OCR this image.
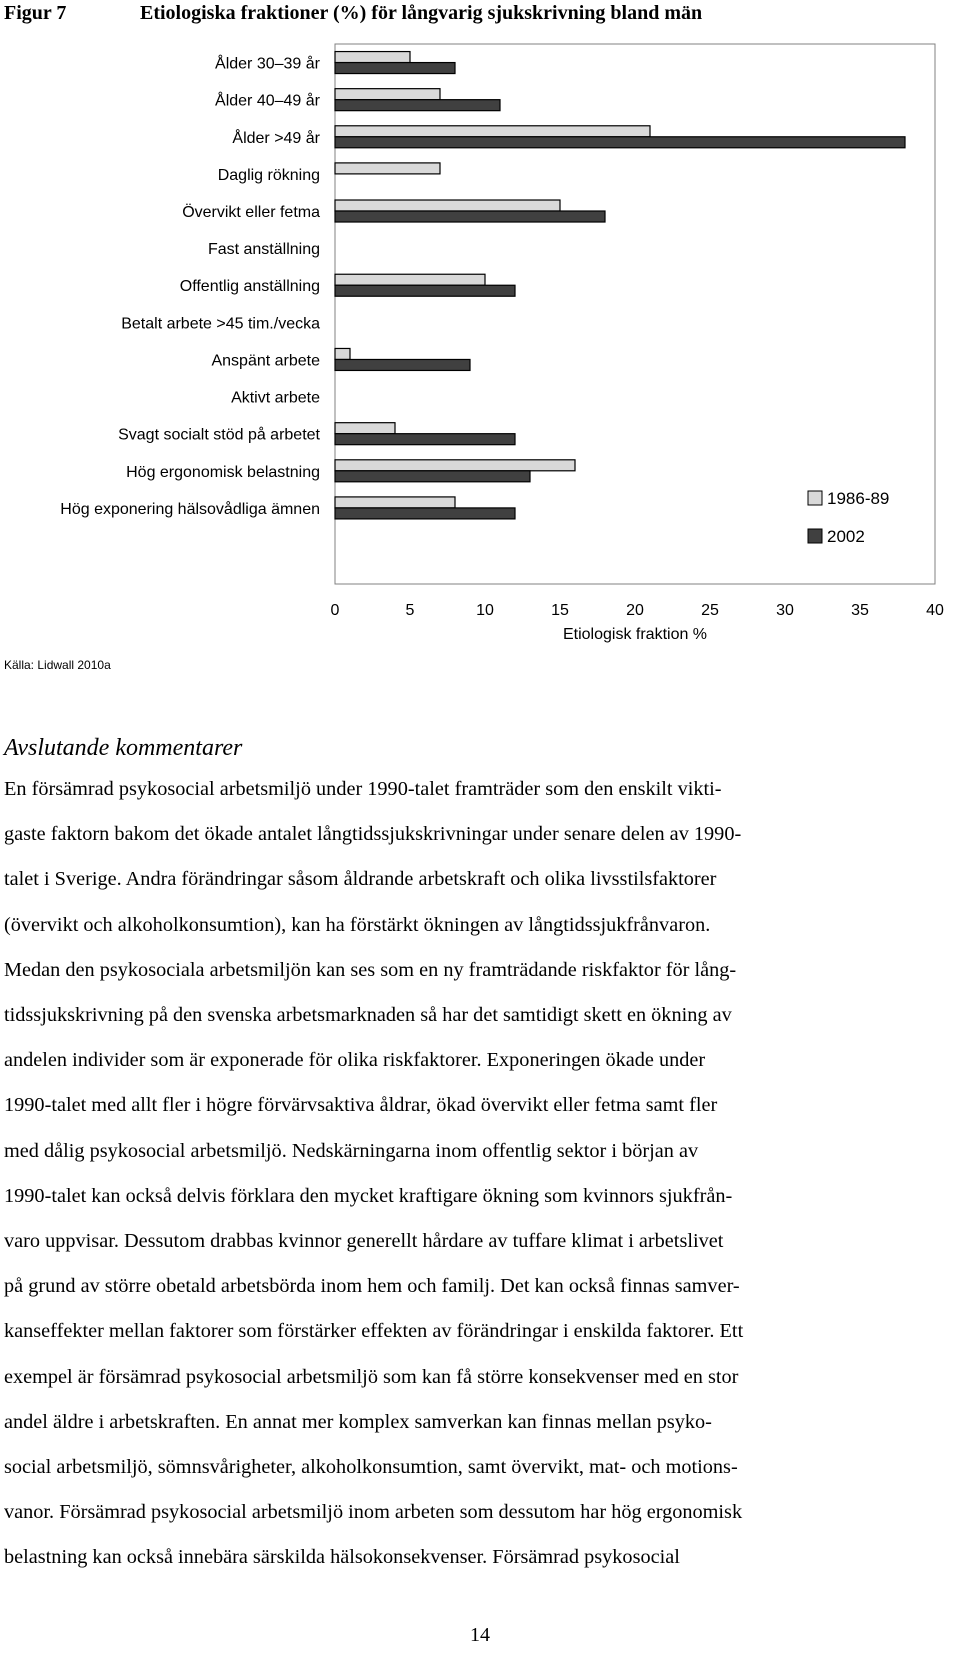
Figur 7	Etiologiska fraktioner (%) för långvarig sjukskrivning bland män
Ålder 30–39 år
Ålder 40–49 år
Ålder >49 år
Daglig rökning
Övervikt eller fetma
Fast anställning
Offentlig anställning
Betalt arbete >45 tim./vecka
Anspänt arbete
Aktivt arbete
Svagt socialt stöd på arbetet
Hög ergonomisk belastning
Hög exponering hälsovådliga ämnen
0	5	10	15	20	25	30	35	40
Etiologisk fraktion %
Källa: Lidwall 2010a
1986-89
2002
Avslutande kommentarer
En försämrad psykosocial arbetsmiljö under 1990-talet framträder som den enskilt vikti-
gaste faktorn bakom det ökade antalet långtidssjukskrivningar under senare delen av 1990-
talet i Sverige. Andra förändringar såsom åldrande arbetskraft och olika livsstilsfaktorer
(övervikt och alkoholkonsumtion), kan ha förstärkt ökningen av långtidssjukfrånvaron.
Medan den psykosociala arbetsmiljön kan ses som en ny framträdande riskfaktor för lång-
tidssjukskrivning på den svenska arbetsmarknaden så har det samtidigt skett en ökning av
andelen individer som är exponerade för olika riskfaktorer. Exponeringen ökade under
1990-talet med allt fler i högre förvärvsaktiva åldrar, ökad övervikt eller fetma samt fler
med dålig psykosocial arbetsmiljö. Nedskärningarna inom offentlig sektor i början av
1990-talet kan också delvis förklara den mycket kraftigare ökning som kvinnors sjukfrån-
varo uppvisar. Dessutom drabbas kvinnor generellt hårdare av tuffare klimat i arbetslivet
på grund av större obetald arbetsbörda inom hem och familj. Det kan också finnas samver-
kanseffekter mellan faktorer som förstärker effekten av förändringar i enskilda faktorer. Ett
exempel är försämrad psykosocial arbetsmiljö som kan få större konsekvenser med en stor
andel äldre i arbetskraften. En annat mer komplex samverkan kan finnas mellan psyko-
social arbetsmiljö, sömnsvårigheter, alkoholkonsumtion, samt övervikt, mat- och motions-
vanor. Försämrad psykosocial arbetsmiljö inom arbeten som dessutom har hög ergonomisk
belastning kan också innebära särskilda hälsokonsekvenser. Försämrad psykosocial
14
